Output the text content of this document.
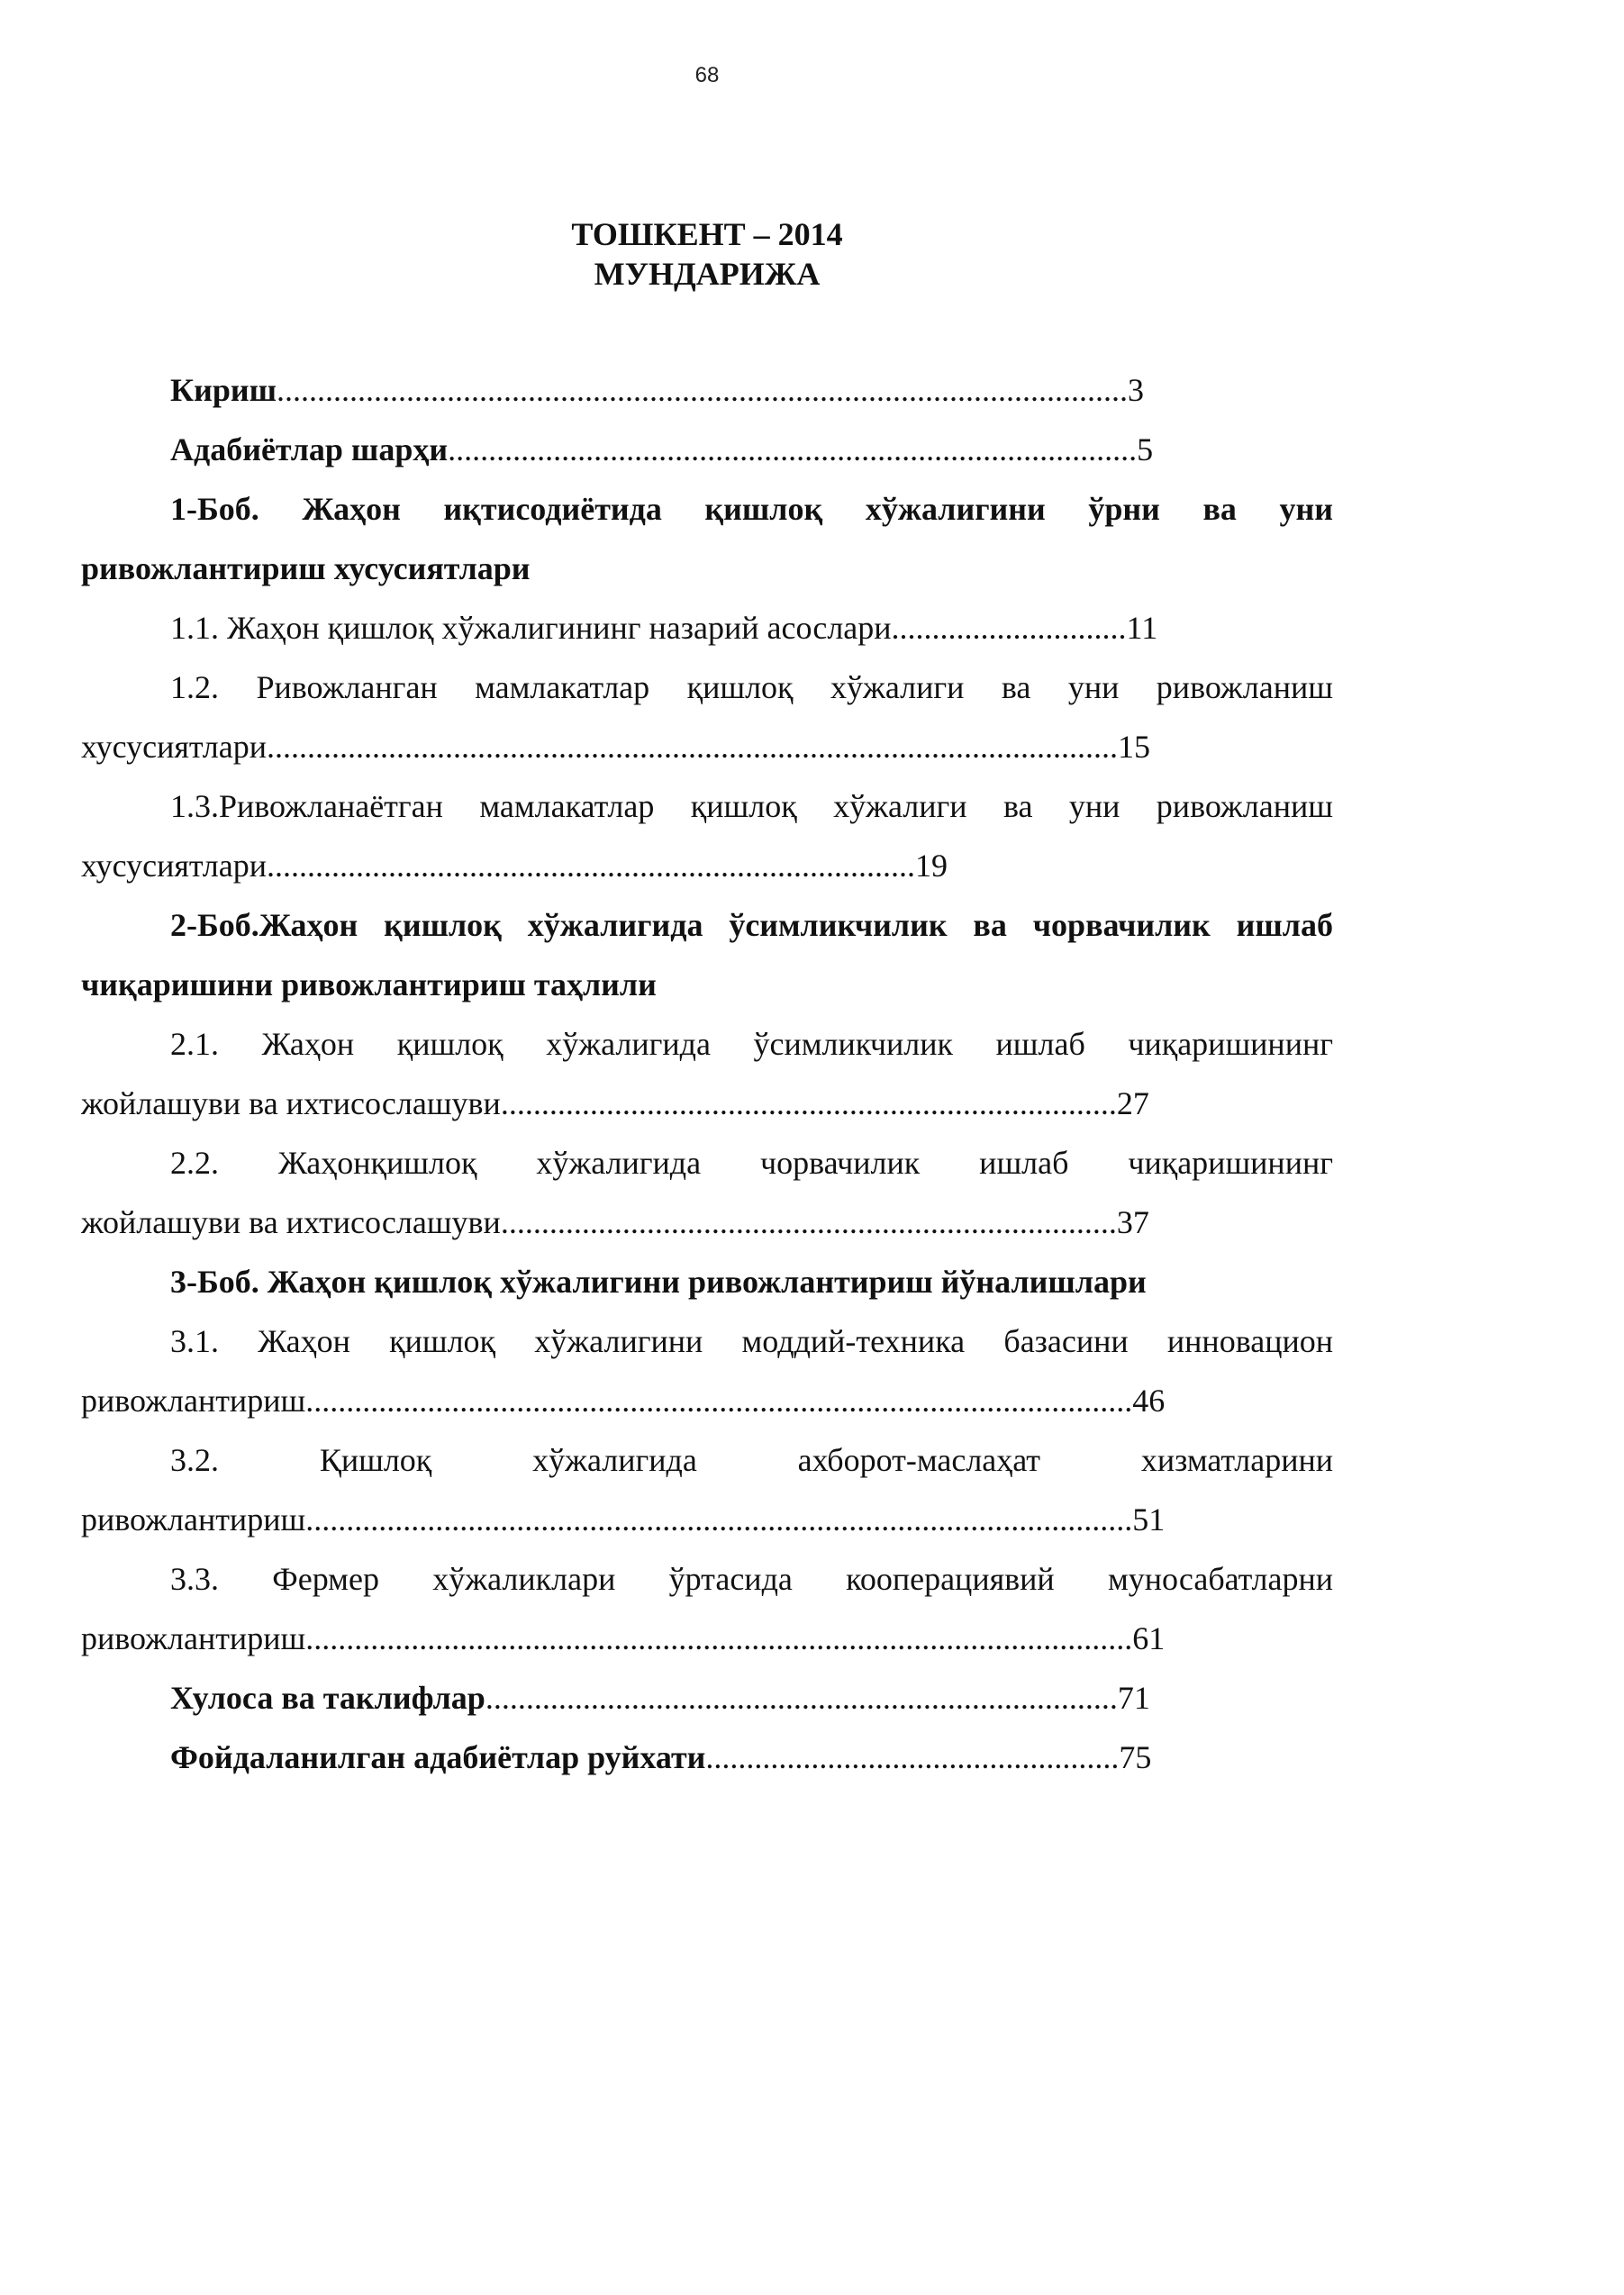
68
ТОШКЕНТ – 2014
МУНДАРИЖА
Кириш.........................................................................................................3
Адабиётлар шарҳи.....................................................................................5
1-Боб. Жаҳон иқтисодиётида қишлоқ хўжалигини ўрни ва уни
ривожлантириш хусусиятлари
1.1. Жаҳон қишлоқ хўжалигининг назарий асослари.............................11
1.2. Ривожланган мамлакатлар қишлоқ хўжалиги ва уни ривожланиш
хусусиятлари.........................................................................................................15
1.3.Ривожланаётган мамлакатлар қишлоқ хўжалиги ва уни ривожланиш
хусусиятлари................................................................................19
2-Боб.Жаҳон қишлоқ хўжалигида ўсимликчилик ва чорвачилик ишлаб
чиқаришини ривожлантириш таҳлили
2.1. Жаҳон қишлоқ хўжалигида ўсимликчилик ишлаб чиқаришининг
жойлашуви ва ихтисослашуви............................................................................27
2.2. Жаҳонқишлоқ хўжалигида чорвачилик ишлаб чиқаришининг
жойлашуви ва ихтисослашуви............................................................................37
3-Боб. Жаҳон қишлоқ хўжалигини ривожлантириш йўналишлари
3.1. Жаҳон қишлоқ хўжалигини моддий-техника базасини инновацион
ривожлантириш......................................................................................................46
3.2. Қишлоқ хўжалигида ахборот-маслаҳат хизматларини
ривожлантириш......................................................................................................51
3.3. Фермер хўжаликлари ўртасида кооперациявий муносабатларни
ривожлантириш......................................................................................................61
Хулоса ва таклифлар..............................................................................71
Фойдаланилган адабиётлар руйхати...................................................75
